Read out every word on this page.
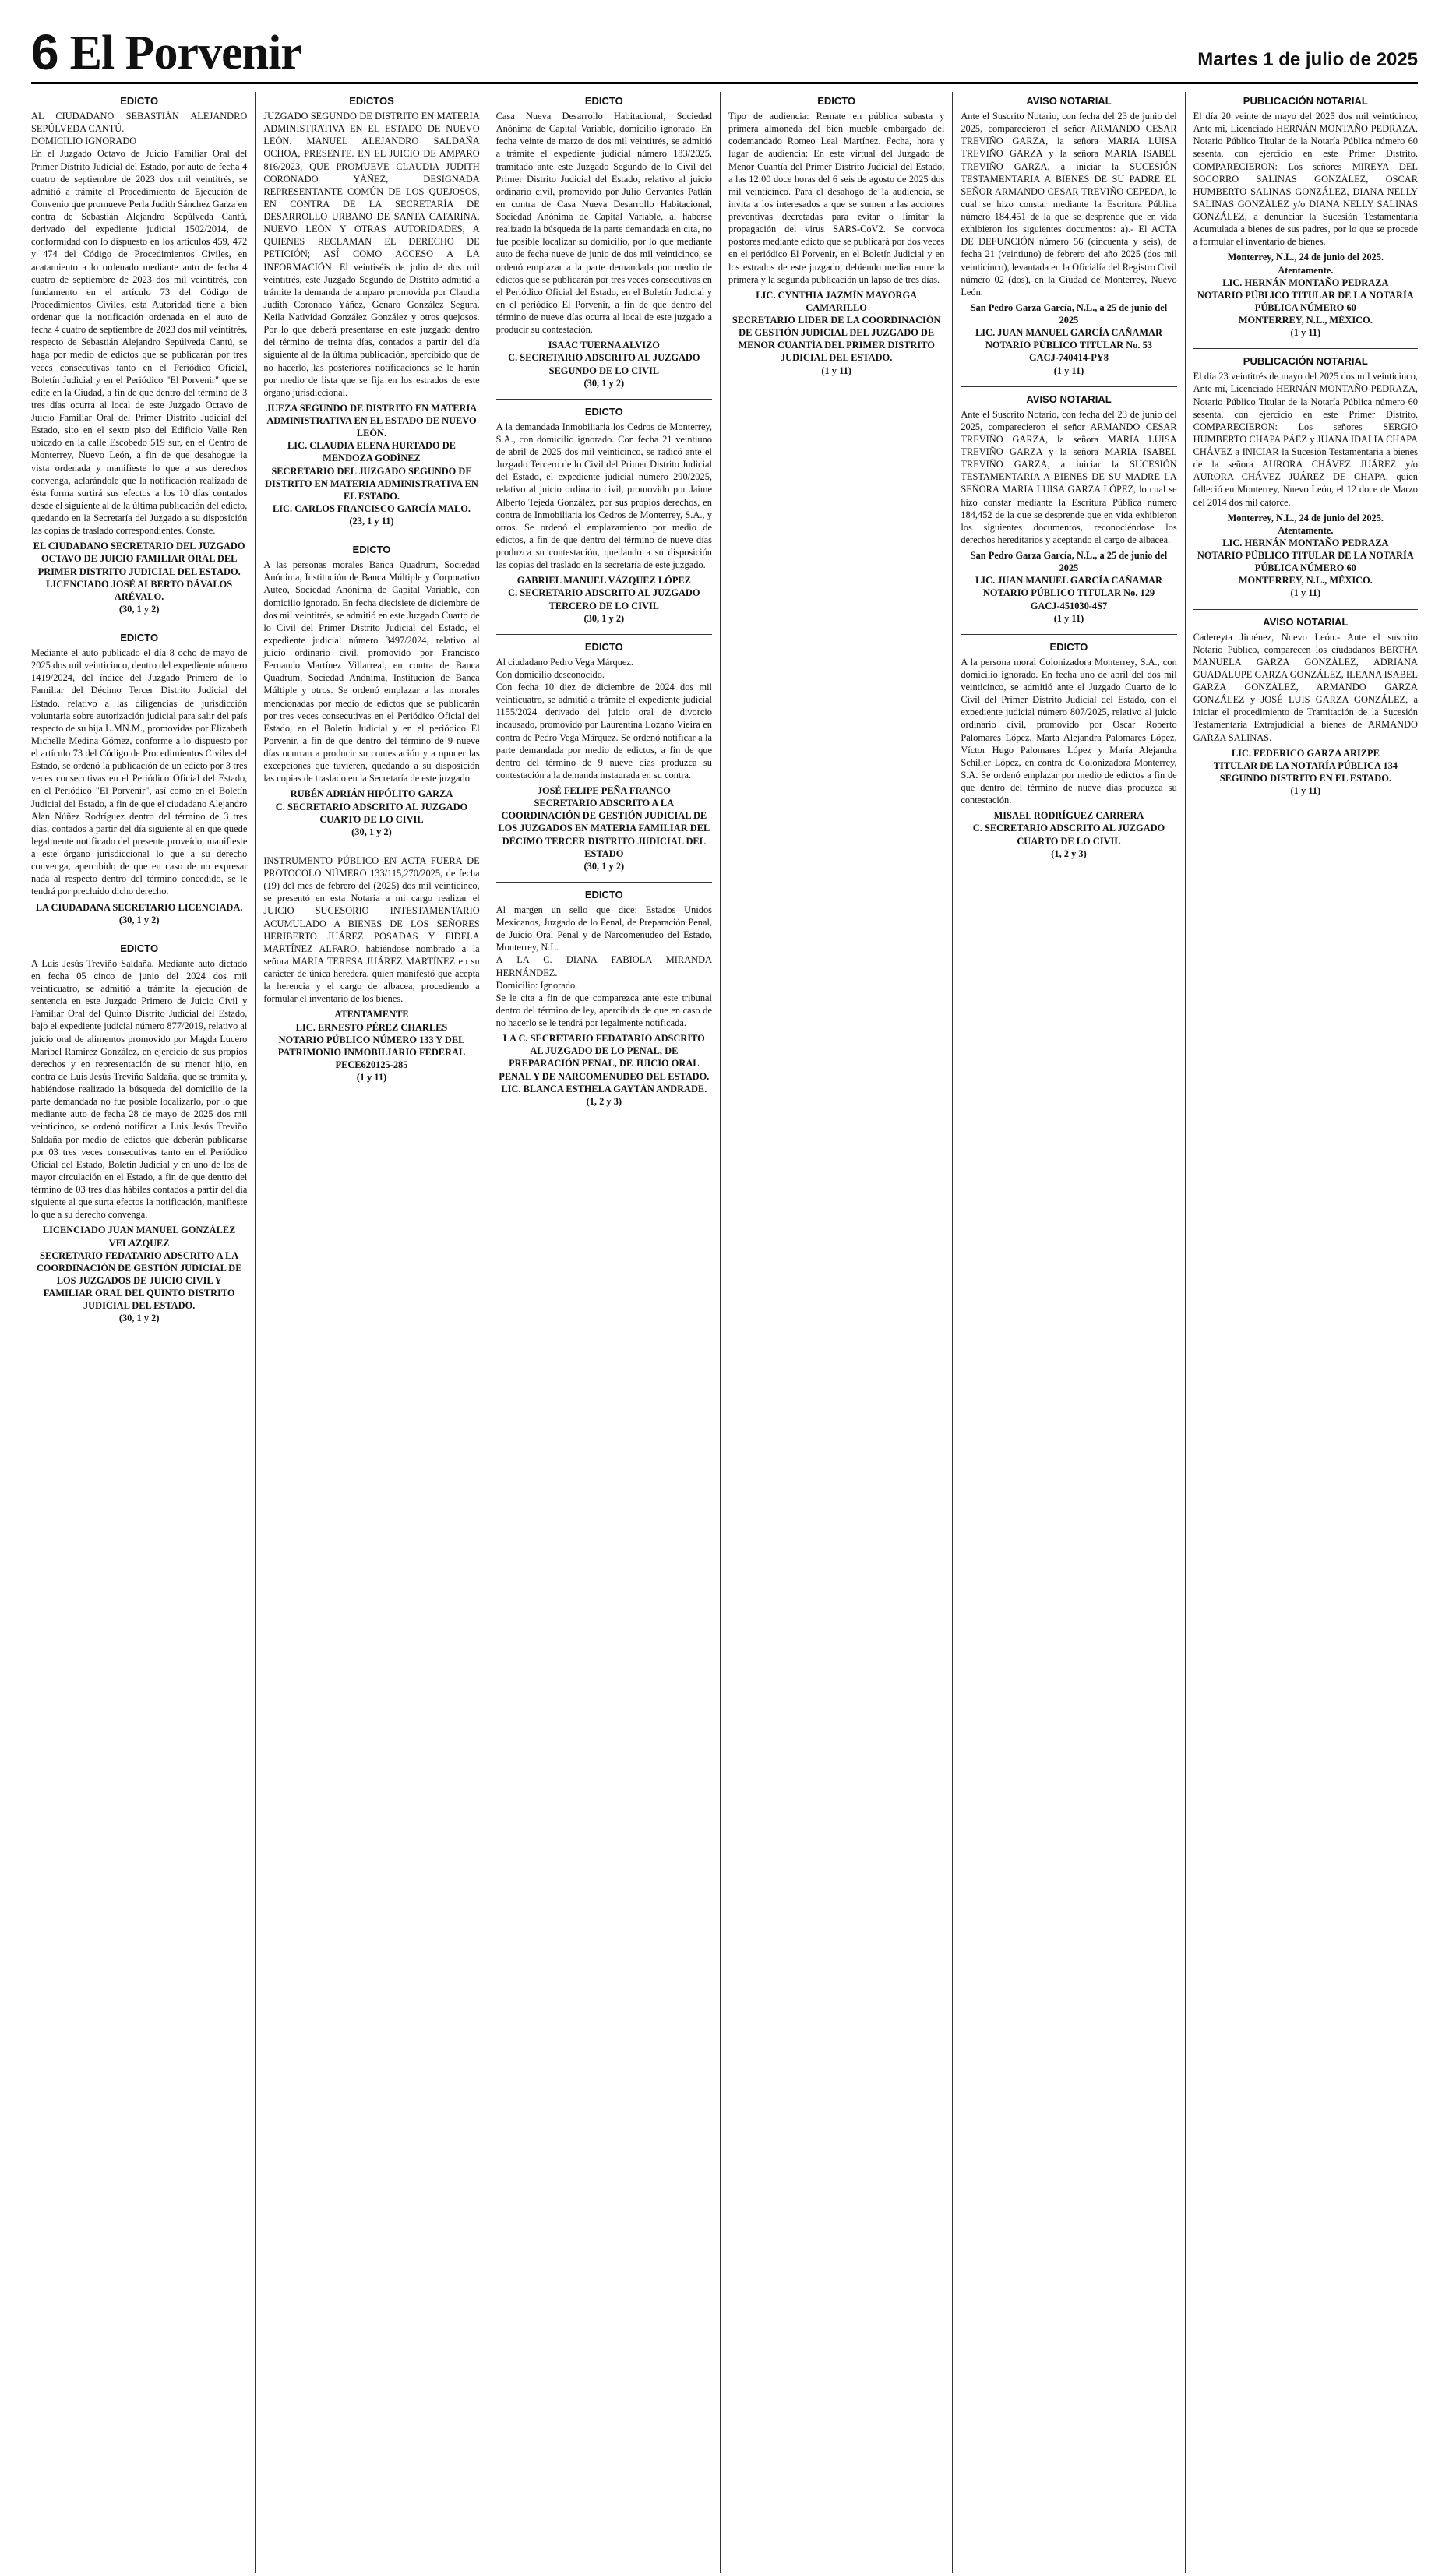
6 El Porvenir	Martes 1 de julio de 2025
EDICTO

AL CIUDADANO SEBASTIÁN ALEJANDRO SEPÚLVEDA CANTÚ.
DOMICILIO IGNORADO
En el Juzgado Octavo de Juicio Familiar Oral del Primer Distrito Judicial del Estado, por auto de fecha 4 cuatro de septiembre de 2023 dos mil veintitrés, se admitió a trámite el Procedimiento de Ejecución de Convenio que promueve Perla Judith Sánchez Garza en contra de Sebastián Alejandro Sepúlveda Cantú, derivado del expediente judicial 1502/2014, de conformidad con lo dispuesto en los artículos 459, 472 y 474 del Código de Procedimientos Civiles, en acatamiento a lo ordenado mediante auto de fecha 4 cuatro de septiembre de 2023 dos mil veintitrés, con fundamento en el artículo 73 del Código de Procedimientos Civiles, esta Autoridad tiene a bien ordenar que la notificación ordenada en el auto de fecha 4 cuatro de septiembre de 2023 dos mil veintitrés, respecto de Sebastián Alejandro Sepúlveda Cantú, se haga por medio de edictos que se publicarán por tres veces consecutivas tanto en el Periódico Oficial, Boletín Judicial y en el Periódico "El Porvenir" que se edite en la Ciudad, a fin de que dentro del término de 3 tres días ocurra al local de este Juzgado Octavo de Juicio Familiar Oral del Primer Distrito Judicial del Estado, sito en el sexto piso del Edificio Valle Ren ubicado en la calle Escobedo 519 sur, en el Centro de Monterrey, Nuevo León, a fin de que desahogue la vista ordenada y manifieste lo que a sus derechos convenga, aclarándole que la notificación realizada de ésta forma surtirá sus efectos a los 10 días contados desde el siguiente al de la última publicación del edicto, quedando en la Secretaría del Juzgado a su disposición las copias de traslado correspondientes. Conste.

EL CIUDADANO SECRETARIO DEL JUZGADO OCTAVO DE JUICIO FAMILIAR ORAL DEL PRIMER DISTRITO JUDICIAL DEL ESTADO.
LICENCIADO JOSÉ ALBERTO DÁVALOS ARÉVALO.
(30, 1 y 2)
EDICTO

Mediante el auto publicado el día 8 ocho de mayo de 2025 dos mil veinticinco, dentro del expediente número 1419/2024, del índice del Juzgado Primero de lo Familiar del Décimo Tercer Distrito Judicial del Estado, relativo a las diligencias de jurisdicción voluntaria sobre autorización judicial para salir del país respecto de su hija L.MN.M., promovidas por Elizabeth Michelle Medina Gómez, conforme a lo dispuesto por el artículo 73 del Código de Procedimientos Civiles del Estado, se ordenó la publicación de un edicto por 3 tres veces consecutivas en el Periódico Oficial del Estado, en el Periódico "El Porvenir", así como en el Boletín Judicial del Estado, a fin de que el ciudadano Alejandro Alan Núñez Rodríguez dentro del término de 3 tres días, contados a partir del día siguiente al en que quede legalmente notificado del presente proveído, manifieste a este órgano jurisdiccional lo que a su derecho convenga, apercibido de que en caso de no expresar nada al respecto dentro del término concedido, se le tendrá por precluido dicho derecho.

LA CIUDADANA SECRETARIO LICENCIADA.
(30, 1 y 2)
EDICTO

A Luis Jesús Treviño Saldaña. Mediante auto dictado en fecha 05 cinco de junio del 2024 dos mil veinticuatro, se admitió a trámite la ejecución de sentencia en este Juzgado Primero de Juicio Civil y Familiar Oral del Quinto Distrito Judicial del Estado, bajo el expediente judicial número 877/2019, relativo al juicio oral de alimentos promovido por Magda Lucero Maribel Ramírez González, en ejercicio de sus propios derechos y en representación de su menor hijo, en contra de Luis Jesús Treviño Saldaña, que se tramita y, habiéndose realizado la búsqueda del domicilio de la parte demandada no fue posible localizarlo, por lo que mediante auto de fecha 28 de mayo de 2025 dos mil veinticinco, se ordenó notificar a Luis Jesús Treviño Saldaña por medio de edictos que deberán publicarse por 03 tres veces consecutivas tanto en el Periódico Oficial del Estado, Boletín Judicial y en uno de los de mayor circulación en el Estado, a fin de que dentro del término de 03 tres días hábiles contados a partir del día siguiente al que surta efectos la notificación, manifieste lo que a su derecho convenga.

LICENCIADO JUAN MANUEL GONZÁLEZ VELAZQUEZ
SECRETARIO FEDATARIO ADSCRITO A LA COORDINACIÓN DE GESTIÓN JUDICIAL DE LOS JUZGADOS DE JUICIO CIVIL Y FAMILIAR ORAL DEL QUINTO DISTRITO JUDICIAL DEL ESTADO.
(30, 1 y 2)
EDICTOS

JUZGADO SEGUNDO DE DISTRITO EN MATERIA ADMINISTRATIVA EN EL ESTADO DE NUEVO LEÓN. MANUEL ALEJANDRO SALDAÑA OCHOA, PRESENTE. EN EL JUICIO DE AMPARO 816/2023, QUE PROMUEVE CLAUDIA JUDITH CORONADO YÁÑEZ, DESIGNADA REPRESENTANTE COMÚN DE LOS QUEJOSOS, EN CONTRA DE LA SECRETARÍA DE DESARROLLO URBANO DE SANTA CATARINA, NUEVO LEÓN Y OTRAS AUTORIDADES, A QUIENES RECLAMAN EL DERECHO DE PETICIÓN; ASÍ COMO ACCESO A LA INFORMACIÓN. El veintiséis de julio de dos mil veintitrés, este Juzgado Segundo de Distrito admitió a trámite la demanda de amparo promovida por Claudia Judith Coronado Yáñez, Genaro González Segura, Keila Natividad González González y otros quejosos. Por lo que deberá presentarse en este juzgado dentro del término de treinta días, contados a partir del día siguiente al de la última publicación, apercibido que de no hacerlo, las posteriores notificaciones se le harán por medio de lista que se fija en los estrados de este órgano jurisdiccional.

JUEZA SEGUNDO DE DISTRITO EN MATERIA ADMINISTRATIVA EN EL ESTADO DE NUEVO LEÓN.
LIC. CLAUDIA ELENA HURTADO DE MENDOZA GODÍNEZ
SECRETARIO DEL JUZGADO SEGUNDO DE DISTRITO EN MATERIA ADMINISTRATIVA EN EL ESTADO.
LIC. CARLOS FRANCISCO GARCÍA MALO.
(23, 1 y 11)
EDICTO

A las personas morales Banca Quadrum, Sociedad Anónima, Institución de Banca Múltiple y Corporativo Auteo, Sociedad Anónima de Capital Variable, con domicilio ignorado. En fecha diecisiete de diciembre de dos mil veintitrés, se admitió en este Juzgado Cuarto de lo Civil del Primer Distrito Judicial del Estado, el expediente judicial número 3497/2024, relativo al juicio ordinario civil, promovido por Francisco Fernando Martínez Villarreal, en contra de Banca Quadrum, Sociedad Anónima, Institución de Banca Múltiple y otros. Se ordenó emplazar a las morales mencionadas por medio de edictos que se publicarán por tres veces consecutivas en el Periódico Oficial del Estado, en el Boletín Judicial y en el periódico El Porvenir, a fin de que dentro del término de 9 nueve días ocurran a producir su contestación y a oponer las excepciones que tuvieren, quedando a su disposición las copias de traslado en la Secretaría de este juzgado.

RUBÉN ADRIÁN HIPÓLITO GARZA
C. SECRETARIO ADSCRITO AL JUZGADO CUARTO DE LO CIVIL
(30, 1 y 2)

INSTRUMENTO PÚBLICO EN ACTA FUERA DE PROTOCOLO NÚMERO 133/115,270/2025, de fecha (19) del mes de febrero del (2025) dos mil veinticinco, se presentó en esta Notaría a mi cargo realizar el JUICIO SUCESORIO INTESTAMENTARIO ACUMULADO A BIENES DE LOS SEÑORES HERIBERTO JUÁREZ POSADAS Y FIDELA MARTÍNEZ ALFARO, habiéndose nombrado a la señora MARIA TERESA JUÁREZ MARTÍNEZ en su carácter de única heredera, quien manifestó que acepta la herencia y el cargo de albacea, procediendo a formular el inventario de los bienes.

ATENTAMENTE
LIC. ERNESTO PÉREZ CHARLES
NOTARIO PÚBLICO NÚMERO 133 Y DEL PATRIMONIO INMOBILIARIO FEDERAL
PECE620125-285
(1 y 11)
EDICTO

Casa Nueva Desarrollo Habitacional, Sociedad Anónima de Capital Variable, domicilio ignorado. En fecha veinte de marzo de dos mil veintitrés, se admitió a trámite el expediente judicial número 183/2025, tramitado ante este Juzgado Segundo de lo Civil del Primer Distrito Judicial del Estado, relativo al juicio ordinario civil, promovido por Julio Cervantes Patlán en contra de Casa Nueva Desarrollo Habitacional, Sociedad Anónima de Capital Variable, al haberse realizado la búsqueda de la parte demandada en cita, no fue posible localizar su domicilio, por lo que mediante auto de fecha nueve de junio de dos mil veinticinco, se ordenó emplazar a la parte demandada por medio de edictos que se publicarán por tres veces consecutivas en el Periódico Oficial del Estado, en el Boletín Judicial y en el periódico El Porvenir, a fin de que dentro del término de nueve días ocurra al local de este juzgado a producir su contestación.

ISAAC TUERNA ALVIZO
C. SECRETARIO ADSCRITO AL JUZGADO SEGUNDO DE LO CIVIL
(30, 1 y 2)
EDICTO

A la demandada Inmobiliaria los Cedros de Monterrey, S.A., con domicilio ignorado. Con fecha 21 veintiuno de abril de 2025 dos mil veinticinco, se radicó ante el Juzgado Tercero de lo Civil del Primer Distrito Judicial del Estado, el expediente judicial número 290/2025, relativo al juicio ordinario civil, promovido por Jaime Alberto Tejeda González, por sus propios derechos, en contra de Inmobiliaria los Cedros de Monterrey, S.A., y otros. Se ordenó el emplazamiento por medio de edictos, a fin de que dentro del término de nueve días produzca su contestación, quedando a su disposición las copias del traslado en la secretaría de este juzgado.

GABRIEL MANUEL VÁZQUEZ LÓPEZ
C. SECRETARIO ADSCRITO AL JUZGADO TERCERO DE LO CIVIL
(30, 1 y 2)
EDICTO

Al ciudadano Pedro Vega Márquez.
Con domicilio desconocido.
Con fecha 10 diez de diciembre de 2024 dos mil veinticuatro, se admitió a trámite el expediente judicial 1155/2024 derivado del juicio oral de divorcio incausado, promovido por Laurentina Lozano Vieira en contra de Pedro Vega Márquez. Se ordenó notificar a la parte demandada por medio de edictos, a fin de que dentro del término de 9 nueve días produzca su contestación a la demanda instaurada en su contra.

JOSÉ FELIPE PEÑA FRANCO
SECRETARIO ADSCRITO A LA COORDINACIÓN DE GESTIÓN JUDICIAL DE LOS JUZGADOS EN MATERIA FAMILIAR DEL DÉCIMO TERCER DISTRITO JUDICIAL DEL ESTADO
(30, 1 y 2)
EDICTO

Al margen un sello que dice: Estados Unidos Mexicanos, Juzgado de lo Penal, de Preparación Penal, de Juicio Oral Penal y de Narcomenudeo del Estado, Monterrey, N.L.
A LA C. DIANA FABIOLA MIRANDA HERNÁNDEZ.
Domicilio: Ignorado.
Se le cita a fin de que comparezca ante este tribunal dentro del término de ley, apercibida de que en caso de no hacerlo se le tendrá por legalmente notificada.

LA C. SECRETARIO FEDATARIO ADSCRITO AL JUZGADO DE LO PENAL, DE PREPARACIÓN PENAL, DE JUICIO ORAL PENAL Y DE NARCOMENUDEO DEL ESTADO.
LIC. BLANCA ESTHELA GAYTÁN ANDRADE.
(1, 2 y 3)
EDICTO

Tipo de audiencia: Remate en pública subasta y primera almoneda del bien mueble embargado del codemandado Romeo Leal Martínez. Fecha, hora y lugar de audiencia: En este virtual del Juzgado de Menor Cuantía del Primer Distrito Judicial del Estado, a las 12:00 doce horas del 6 seis de agosto de 2025 dos mil veinticinco. Para el desahogo de la audiencia, se invita a los interesados a que se sumen a las acciones preventivas decretadas para evitar o limitar la propagación del virus SARS-CoV2. Se convoca postores mediante edicto que se publicará por dos veces en el periódico El Porvenir, en el Boletín Judicial y en los estrados de este juzgado, debiendo mediar entre la primera y la segunda publicación un lapso de tres días.

LIC. CYNTHIA JAZMÍN MAYORGA CAMARILLO
SECRETARIO LÍDER DE LA COORDINACIÓN DE GESTIÓN JUDICIAL DEL JUZGADO DE MENOR CUANTÍA DEL PRIMER DISTRITO JUDICIAL DEL ESTADO.
(1 y 11)
AVISO NOTARIAL

Ante el Suscrito Notario, con fecha del 23 de junio del 2025, comparecieron el señor ARMANDO CESAR TREVIÑO GARZA, la señora MARIA LUISA TREVIÑO GARZA y la señora MARIA ISABEL TREVIÑO GARZA, a iniciar la SUCESIÓN TESTAMENTARIA A BIENES DE SU PADRE EL SEÑOR ARMANDO CESAR TREVIÑO CEPEDA, lo cual se hizo constar mediante la Escritura Pública número 184,451 de la que se desprende que en vida exhibieron los siguientes documentos: a).- El ACTA DE DEFUNCIÓN número 56 (cincuenta y seis), de fecha 21 (veintiuno) de febrero del año 2025 (dos mil veinticinco), levantada en la Oficialía del Registro Civil número 02 (dos), en la Ciudad de Monterrey, Nuevo León.

San Pedro Garza García, N.L., a 25 de junio del 2025
LIC. JUAN MANUEL GARCÍA CAÑAMAR
NOTARIO PÚBLICO TITULAR No. 53
GACJ-740414-PY8
(1 y 11)
AVISO NOTARIAL

Ante el Suscrito Notario, con fecha del 23 de junio del 2025, comparecieron el señor ARMANDO CESAR TREVIÑO GARZA, la señora MARIA LUISA TREVIÑO GARZA y la señora MARIA ISABEL TREVIÑO GARZA, a iniciar la SUCESIÓN TESTAMENTARIA A BIENES DE SU MADRE LA SEÑORA MARIA LUISA GARZA LÓPEZ, lo cual se hizo constar mediante la Escritura Pública número 184,452 de la que se desprende que en vida exhibieron los siguientes documentos, reconociéndose los derechos hereditarios y aceptando el cargo de albacea.

San Pedro Garza García, N.L., a 25 de junio del 2025
LIC. JUAN MANUEL GARCÍA CAÑAMAR
NOTARIO PÚBLICO TITULAR No. 129
GACJ-451030-4S7
(1 y 11)
EDICTO

A la persona moral Colonizadora Monterrey, S.A., con domicilio ignorado. En fecha uno de abril del dos mil veinticinco, se admitió ante el Juzgado Cuarto de lo Civil del Primer Distrito Judicial del Estado, con el expediente judicial número 807/2025, relativo al juicio ordinario civil, promovido por Oscar Roberto Palomares López, Marta Alejandra Palomares López, Víctor Hugo Palomares López y María Alejandra Schiller López, en contra de Colonizadora Monterrey, S.A. Se ordenó emplazar por medio de edictos a fin de que dentro del término de nueve días produzca su contestación.

MISAEL RODRÍGUEZ CARRERA
C. SECRETARIO ADSCRITO AL JUZGADO CUARTO DE LO CIVIL
(1, 2 y 3)
PUBLICACIÓN NOTARIAL

El día 20 veinte de mayo del 2025 dos mil veinticinco, Ante mí, Licenciado HERNÁN MONTAÑO PEDRAZA, Notario Público Titular de la Notaría Pública número 60 sesenta, con ejercicio en este Primer Distrito, COMPARECIERON: Los señores MIREYA DEL SOCORRO SALINAS GONZÁLEZ, OSCAR HUMBERTO SALINAS GONZÁLEZ, DIANA NELLY SALINAS GONZÁLEZ y/o DIANA NELLY SALINAS GONZÁLEZ, a denunciar la Sucesión Testamentaria Acumulada a bienes de sus padres, por lo que se procede a formular el inventario de bienes.

Monterrey, N.L., 24 de junio del 2025.
Atentamente.
LIC. HERNÁN MONTAÑO PEDRAZA
NOTARIO PÚBLICO TITULAR DE LA NOTARÍA PÚBLICA NÚMERO 60
MONTERREY, N.L., MÉXICO.
(1 y 11)
PUBLICACIÓN NOTARIAL

El día 23 veintitrés de mayo del 2025 dos mil veinticinco, Ante mí, Licenciado HERNÁN MONTAÑO PEDRAZA, Notario Público Titular de la Notaría Pública número 60 sesenta, con ejercicio en este Primer Distrito, COMPARECIERON: Los señores SERGIO HUMBERTO CHAPA PÁEZ y JUANA IDALIA CHAPA CHÁVEZ a INICIAR la Sucesión Testamentaria a bienes de la señora AURORA CHÁVEZ JUÁREZ y/o AURORA CHÁVEZ JUÁREZ DE CHAPA, quien falleció en Monterrey, Nuevo León, el 12 doce de Marzo del 2014 dos mil catorce.

Monterrey, N.L., 24 de junio del 2025.
Atentamente.
LIC. HERNÁN MONTAÑO PEDRAZA
NOTARIO PÚBLICO TITULAR DE LA NOTARÍA PÚBLICA NÚMERO 60
MONTERREY, N.L., MÉXICO.
(1 y 11)
AVISO NOTARIAL

Cadereyta Jiménez, Nuevo León.- Ante el suscrito Notario Público, comparecen los ciudadanos BERTHA MANUELA GARZA GONZÁLEZ, ADRIANA GUADALUPE GARZA GONZÁLEZ, ILEANA ISABEL GARZA GONZÁLEZ, ARMANDO GARZA GONZÁLEZ y JOSÉ LUIS GARZA GONZÁLEZ, a iniciar el procedimiento de Tramitación de la Sucesión Testamentaria Extrajudicial a bienes de ARMANDO GARZA SALINAS.

LIC. FEDERICO GARZA ARIZPE
TITULAR DE LA NOTARÍA PÚBLICA 134
SEGUNDO DISTRITO EN EL ESTADO.
(1 y 11)
